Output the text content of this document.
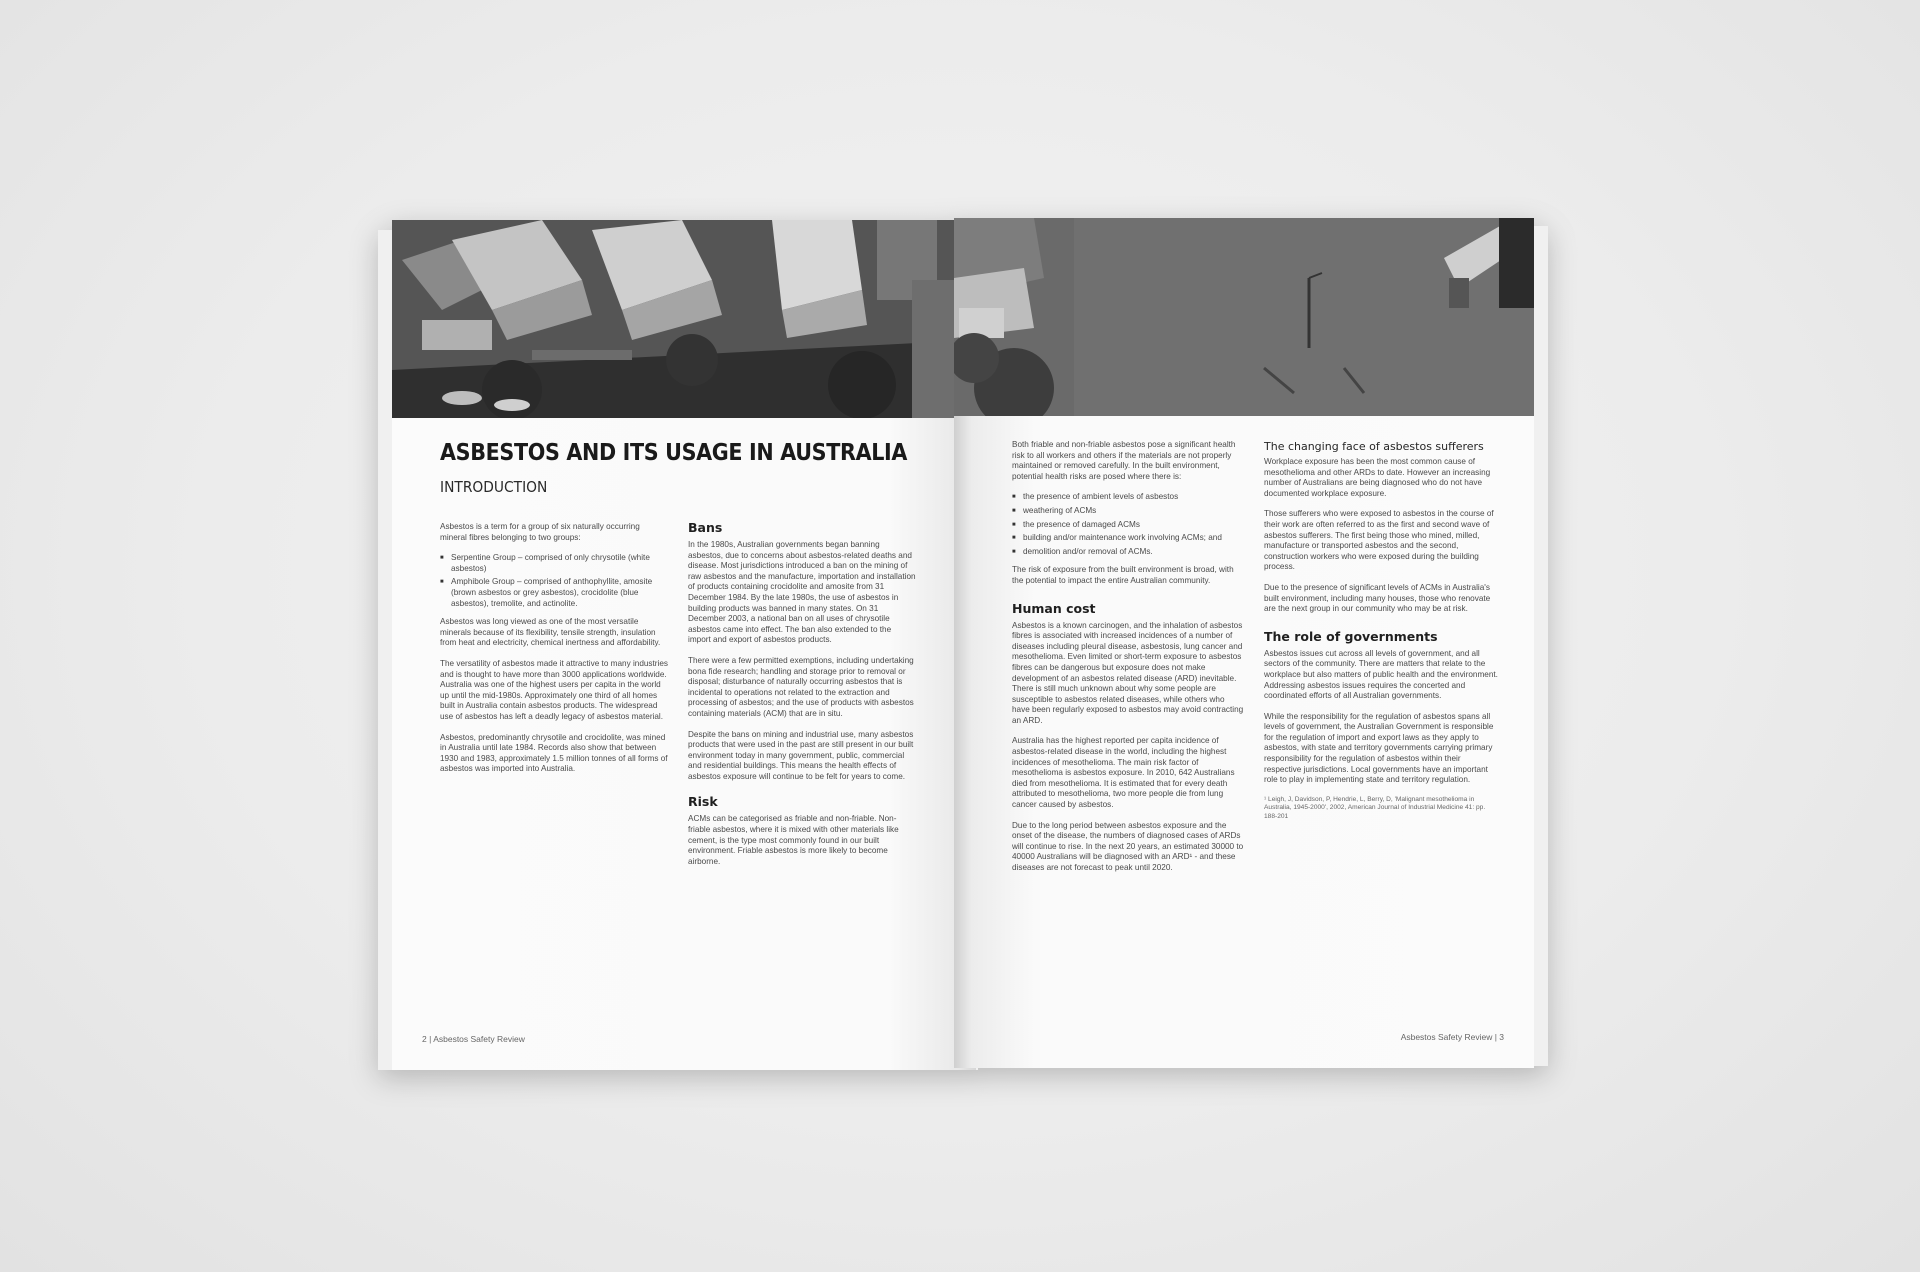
ASBESTOS AND ITS USAGE IN AUSTRALIA
INTRODUCTION

Asbestos is a term for a group of six naturally occurring mineral fibres belonging to two groups:

■ Serpentine Group – comprised of only chrysotile (white asbestos)
■ Amphibole Group – comprised of anthophyllite, amosite (brown asbestos or grey asbestos), crocidolite (blue asbestos), tremolite, and actinolite.

Asbestos was long viewed as one of the most versatile minerals because of its flexibility, tensile strength, insulation from heat and electricity, chemical inertness and affordability.

The versatility of asbestos made it attractive to many industries and is thought to have more than 3000 applications worldwide. Australia was one of the highest users per capita in the world up until the mid-1980s. Approximately one third of all homes built in Australia contain asbestos products. The widespread use of asbestos has left a deadly legacy of asbestos material.

Asbestos, predominantly chrysotile and crocidolite, was mined in Australia until late 1984. Records also show that between 1930 and 1983, approximately 1.5 million tonnes of all forms of asbestos was imported into Australia.

Bans

In the 1980s, Australian governments began banning asbestos, due to concerns about asbestos-related deaths and disease. Most jurisdictions introduced a ban on the mining of raw asbestos and the manufacture, importation and installation of products containing crocidolite and amosite from 31 December 1984. By the late 1980s, the use of asbestos in building products was banned in many states. On 31 December 2003, a national ban on all uses of chrysotile asbestos came into effect. The ban also extended to the import and export of asbestos products.

There were a few permitted exemptions, including undertaking bona fide research; handling and storage prior to removal or disposal; disturbance of naturally occurring asbestos that is incidental to operations not related to the extraction and processing of asbestos; and the use of products with asbestos containing materials (ACM) that are in situ.

Despite the bans on mining and industrial use, many asbestos products that were used in the past are still present in our built environment today in many government, public, commercial and residential buildings. This means the health effects of asbestos exposure will continue to be felt for years to come.

Risk

ACMs can be categorised as friable and non-friable. Non-friable asbestos, where it is mixed with other materials like cement, is the type most commonly found in our built environment. Friable asbestos is more likely to become airborne.

2 | Asbestos Safety Review

Both friable and non-friable asbestos pose a significant health risk to all workers and others if the materials are not properly maintained or removed carefully. In the built environment, potential health risks are posed where there is:

■ the presence of ambient levels of asbestos
■ weathering of ACMs
■ the presence of damaged ACMs
■ building and/or maintenance work involving ACMs; and
■ demolition and/or removal of ACMs.

The risk of exposure from the built environment is broad, with the potential to impact the entire Australian community.

Human cost

Asbestos is a known carcinogen, and the inhalation of asbestos fibres is associated with increased incidences of a number of diseases including pleural disease, asbestosis, lung cancer and mesothelioma. Even limited or short-term exposure to asbestos fibres can be dangerous but exposure does not make development of an asbestos related disease (ARD) inevitable. There is still much unknown about why some people are susceptible to asbestos related diseases, while others who have been regularly exposed to asbestos may avoid contracting an ARD.

Australia has the highest reported per capita incidence of asbestos-related disease in the world, including the highest incidences of mesothelioma. The main risk factor of mesothelioma is asbestos exposure. In 2010, 642 Australians died from mesothelioma. It is estimated that for every death attributed to mesothelioma, two more people die from lung cancer caused by asbestos.

Due to the long period between asbestos exposure and the onset of the disease, the numbers of diagnosed cases of ARDs will continue to rise. In the next 20 years, an estimated 30000 to 40000 Australians will be diagnosed with an ARD¹ - and these diseases are not forecast to peak until 2020.

The changing face of asbestos sufferers

Workplace exposure has been the most common cause of mesothelioma and other ARDs to date. However an increasing number of Australians are being diagnosed who do not have documented workplace exposure.

Those sufferers who were exposed to asbestos in the course of their work are often referred to as the first and second wave of asbestos sufferers. The first being those who mined, milled, manufacture or transported asbestos and the second, construction workers who were exposed during the building process.

Due to the presence of significant levels of ACMs in Australia's built environment, including many houses, those who renovate are the next group in our community who may be at risk.

The role of governments

Asbestos issues cut across all levels of government, and all sectors of the community. There are matters that relate to the workplace but also matters of public health and the environment. Addressing asbestos issues requires the concerted and coordinated efforts of all Australian governments.

While the responsibility for the regulation of asbestos spans all levels of government, the Australian Government is responsible for the regulation of import and export laws as they apply to asbestos, with state and territory governments carrying primary responsibility for the regulation of asbestos within their respective jurisdictions. Local governments have an important role to play in implementing state and territory regulation.

¹ Leigh, J, Davidson, P, Hendrie, L, Berry, D, 'Malignant mesothelioma in Australia, 1945-2000', 2002, American Journal of Industrial Medicine 41: pp. 188-201

Asbestos Safety Review | 3
